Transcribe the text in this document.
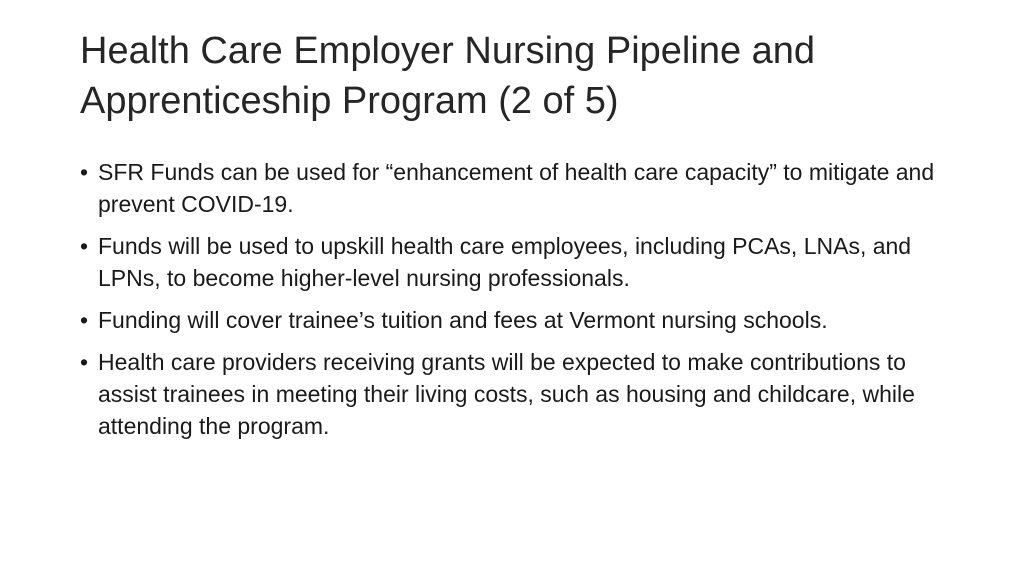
Health Care Employer Nursing Pipeline and Apprenticeship Program (2 of 5)
• SFR Funds can be used for “enhancement of health care capacity” to mitigate and prevent COVID-19.
• Funds will be used to upskill health care employees, including PCAs, LNAs, and LPNs, to become higher-level nursing professionals.
• Funding will cover trainee’s tuition and fees at Vermont nursing schools.
• Health care providers receiving grants will be expected to make contributions to assist trainees in meeting their living costs, such as housing and childcare, while attending the program.
